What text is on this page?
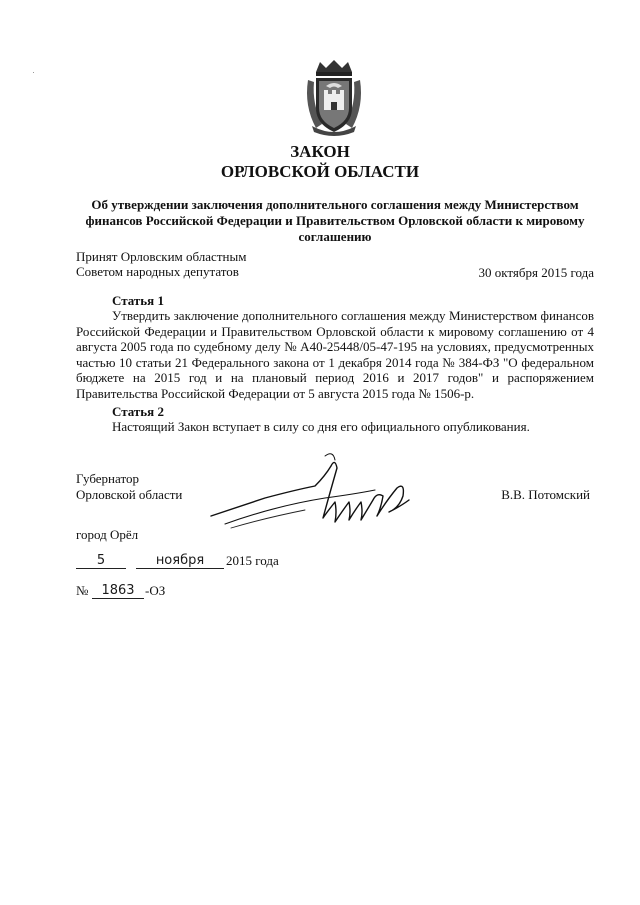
ЗАКОН
ОРЛОВСКОЙ ОБЛАСТИ
Об утверждении заключения дополнительного соглашения между Министерством финансов Российской Федерации и Правительством Орловской области к мировому соглашению
Принят Орловским областным
Советом народных депутатов	30 октября 2015 года
Статья 1
Утвердить заключение дополнительного соглашения между Министерством финансов Российской Федерации и Правительством Орловской области к мировому соглашению от 4 августа 2005 года по судебному делу № А40-25448/05-47-195 на условиях, предусмотренных частью 10 статьи 21 Федерального закона от 1 декабря 2014 года № 384-ФЗ "О федеральном бюджете на 2015 год и на плановый период 2016 и 2017 годов" и распоряжением Правительства Российской Федерации от 5 августа 2015 года № 1506-р.
Статья 2
Настоящий Закон вступает в силу со дня его официального опубликования.
Губернатор
Орловской области	В.В. Потомский
город Орёл
5	ноября	2015 года
№	1863 -ОЗ
